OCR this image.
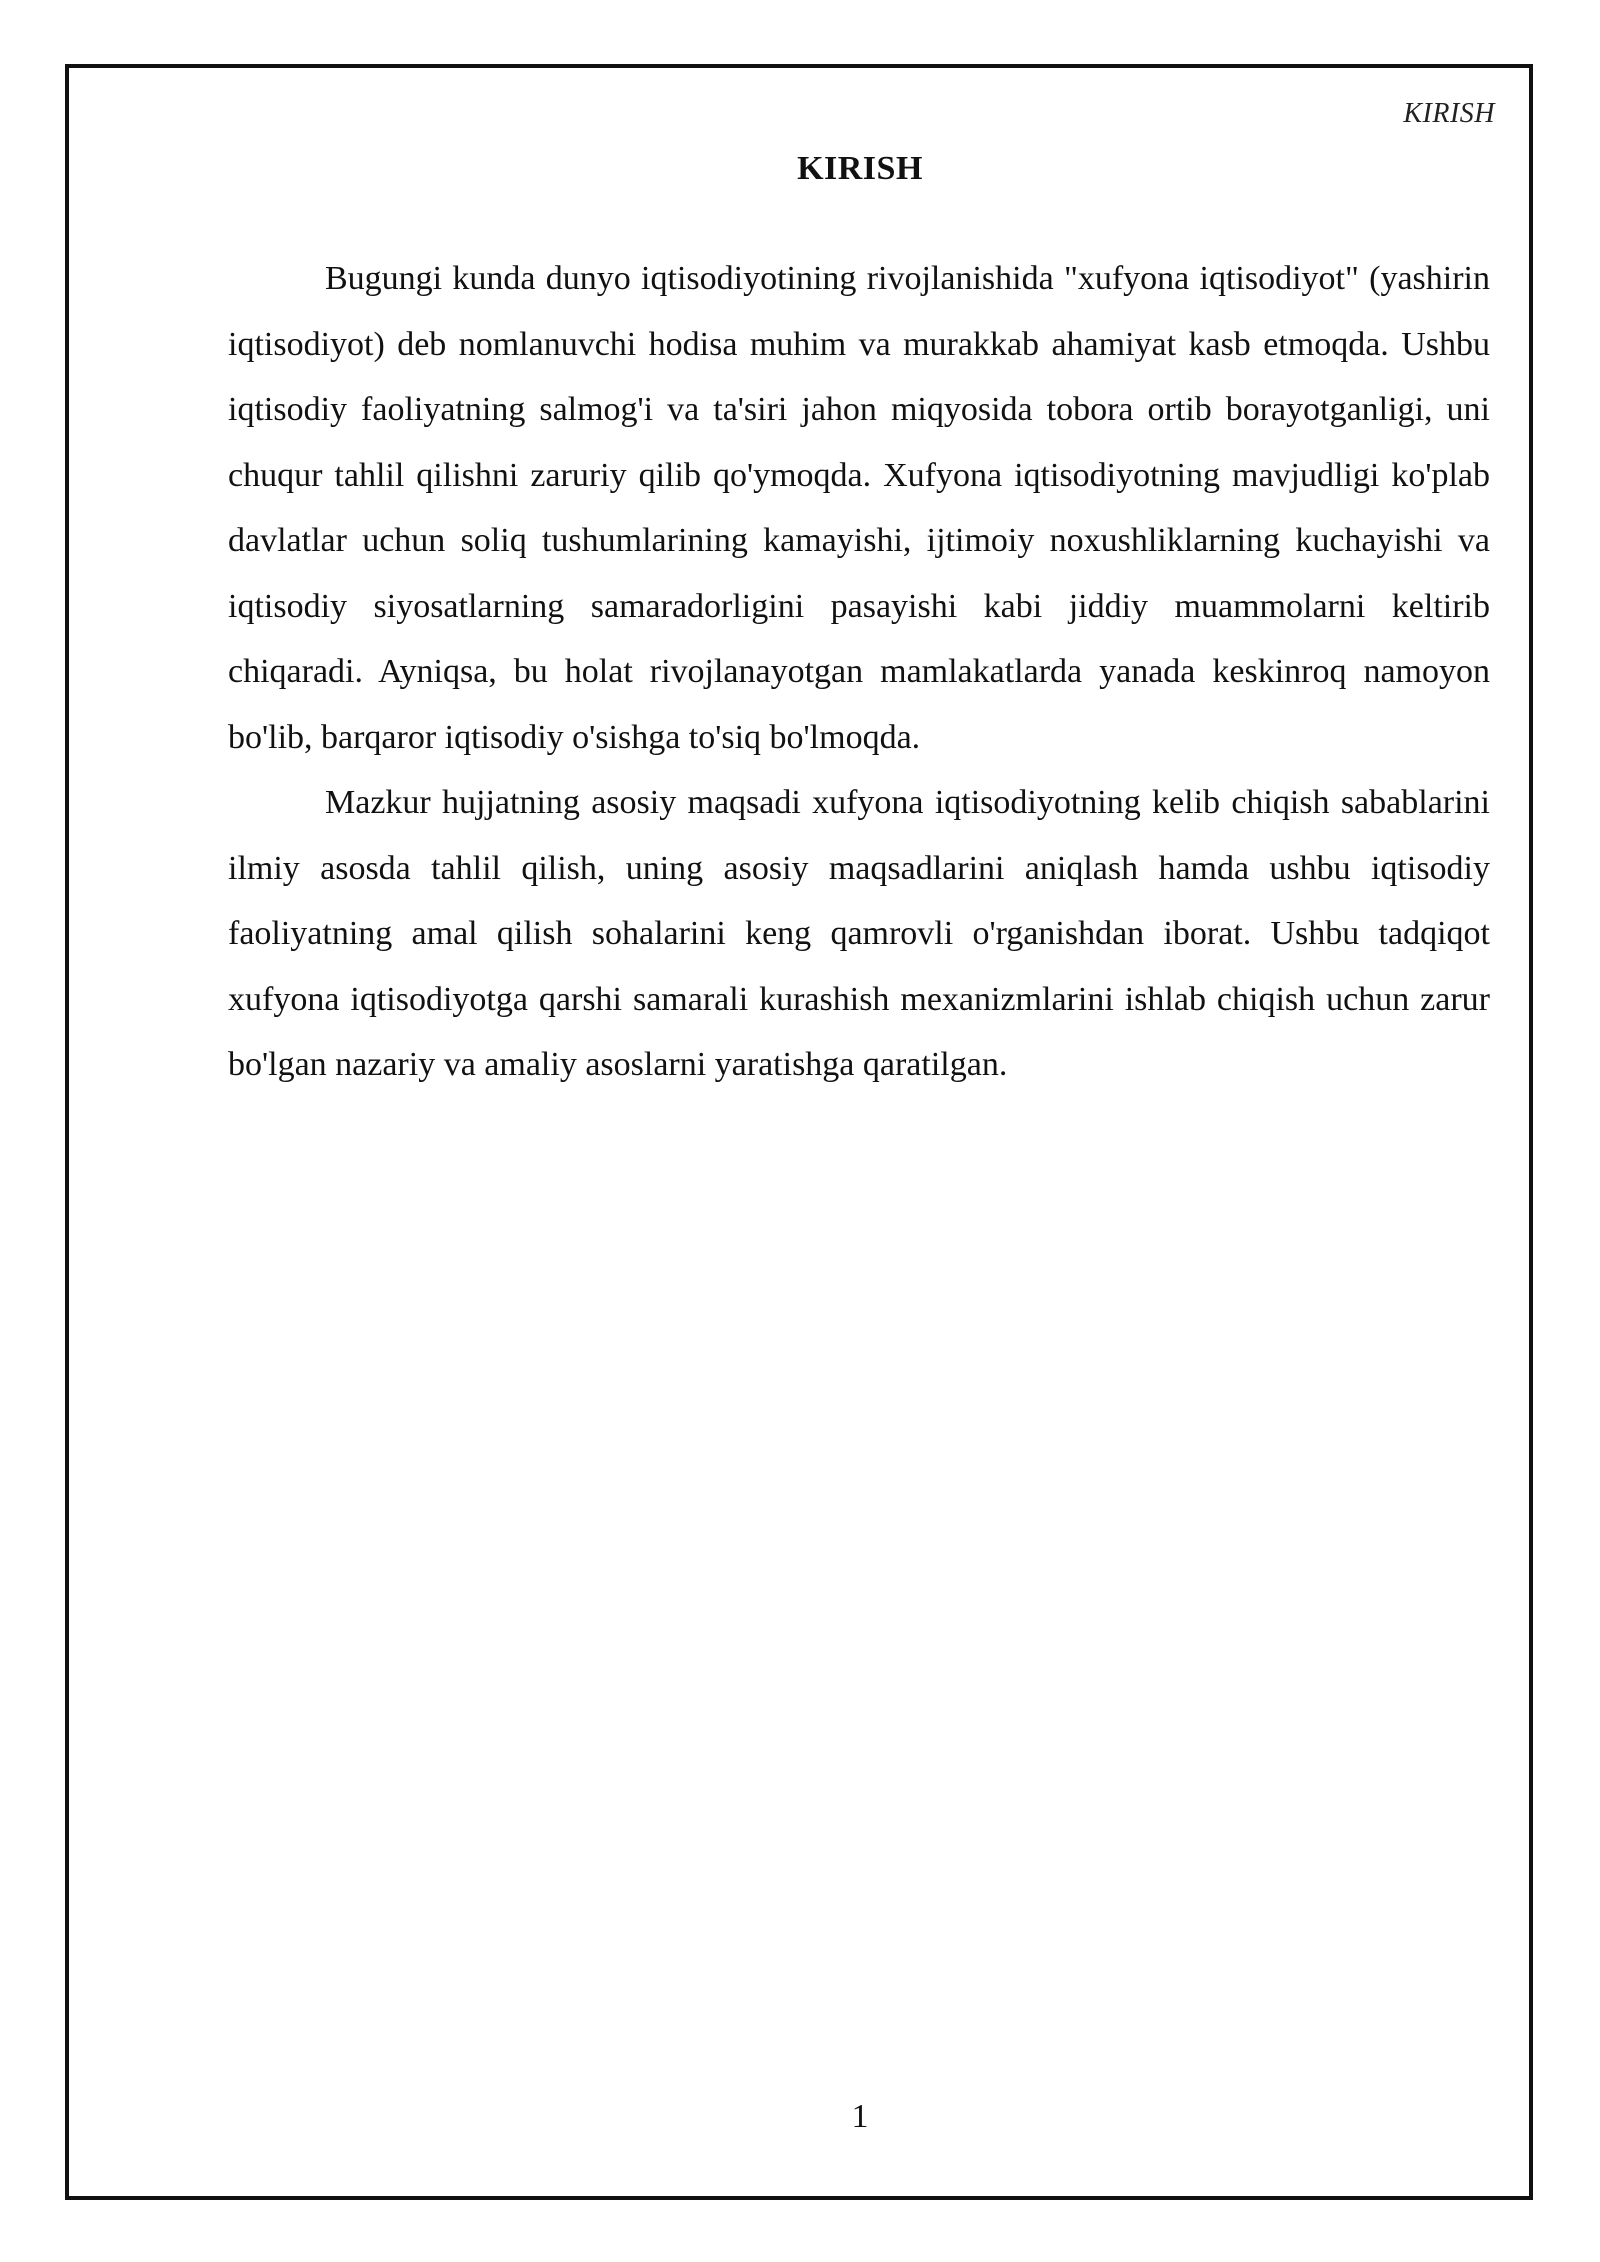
KIRISH
KIRISH

Bugungi kunda dunyo iqtisodiyotining rivojlanishida "xufyona iqtisodiyot" (yashirin iqtisodiyot) deb nomlanuvchi hodisa muhim va murakkab ahamiyat kasb etmoqda. Ushbu iqtisodiy faoliyatning salmog'i va ta'siri jahon miqyosida tobora ortib borayotganligi, uni chuqur tahlil qilishni zaruriy qilib qo'ymoqda. Xufyona iqtisodiyotning mavjudligi ko'plab davlatlar uchun soliq tushumlarining kamayishi, ijtimoiy noxushliklarning kuchayishi va iqtisodiy siyosatlarning samaradorligini pasayishi kabi jiddiy muammolarni keltirib chiqaradi. Ayniqsa, bu holat rivojlanayotgan mamlakatlarda yanada keskinroq namoyon bo'lib, barqaror iqtisodiy o'sishga to'siq bo'lmoqda.

Mazkur hujjatning asosiy maqsadi xufyona iqtisodiyotning kelib chiqish sabablarini ilmiy asosda tahlil qilish, uning asosiy maqsadlarini aniqlash hamda ushbu iqtisodiy faoliyatning amal qilish sohalarini keng qamrovli o'rganishdan iborat. Ushbu tadqiqot xufyona iqtisodiyotga qarshi samarali kurashish mexanizmlarini ishlab chiqish uchun zarur bo'lgan nazariy va amaliy asoslarni yaratishga qaratilgan.

1
